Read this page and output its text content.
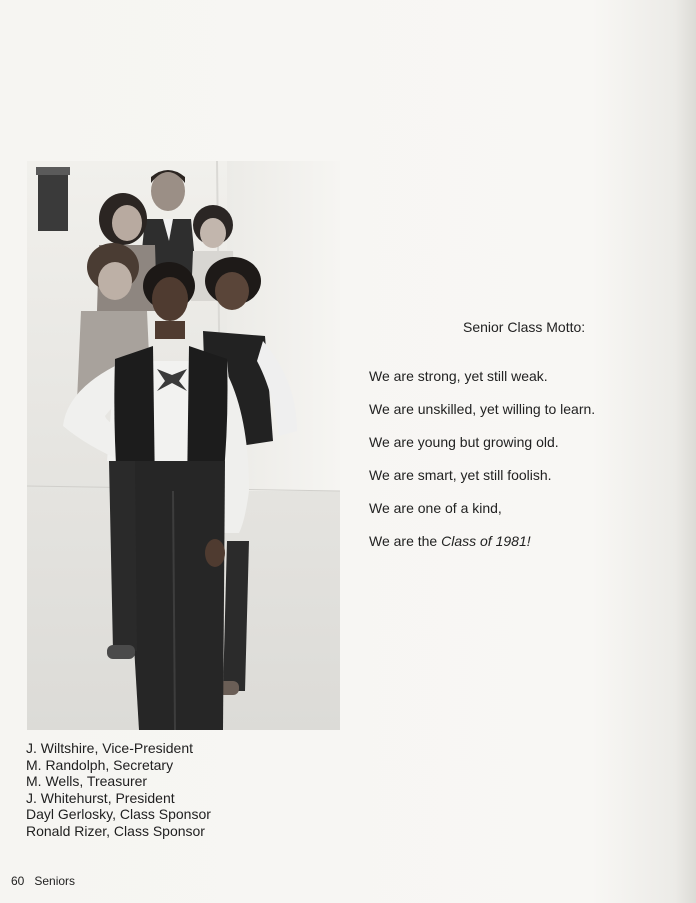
Senior Class Motto:
We are strong, yet still weak.
We are unskilled, yet willing to learn.
We are young but growing old.
We are smart, yet still foolish.
We are one of a kind,
We are the Class of 1981!
J. Wiltshire, Vice-President
M. Randolph, Secretary
M. Wells, Treasurer
J. Whitehurst, President
Dayl Gerlosky, Class Sponsor
Ronald Rizer, Class Sponsor
60 Seniors
